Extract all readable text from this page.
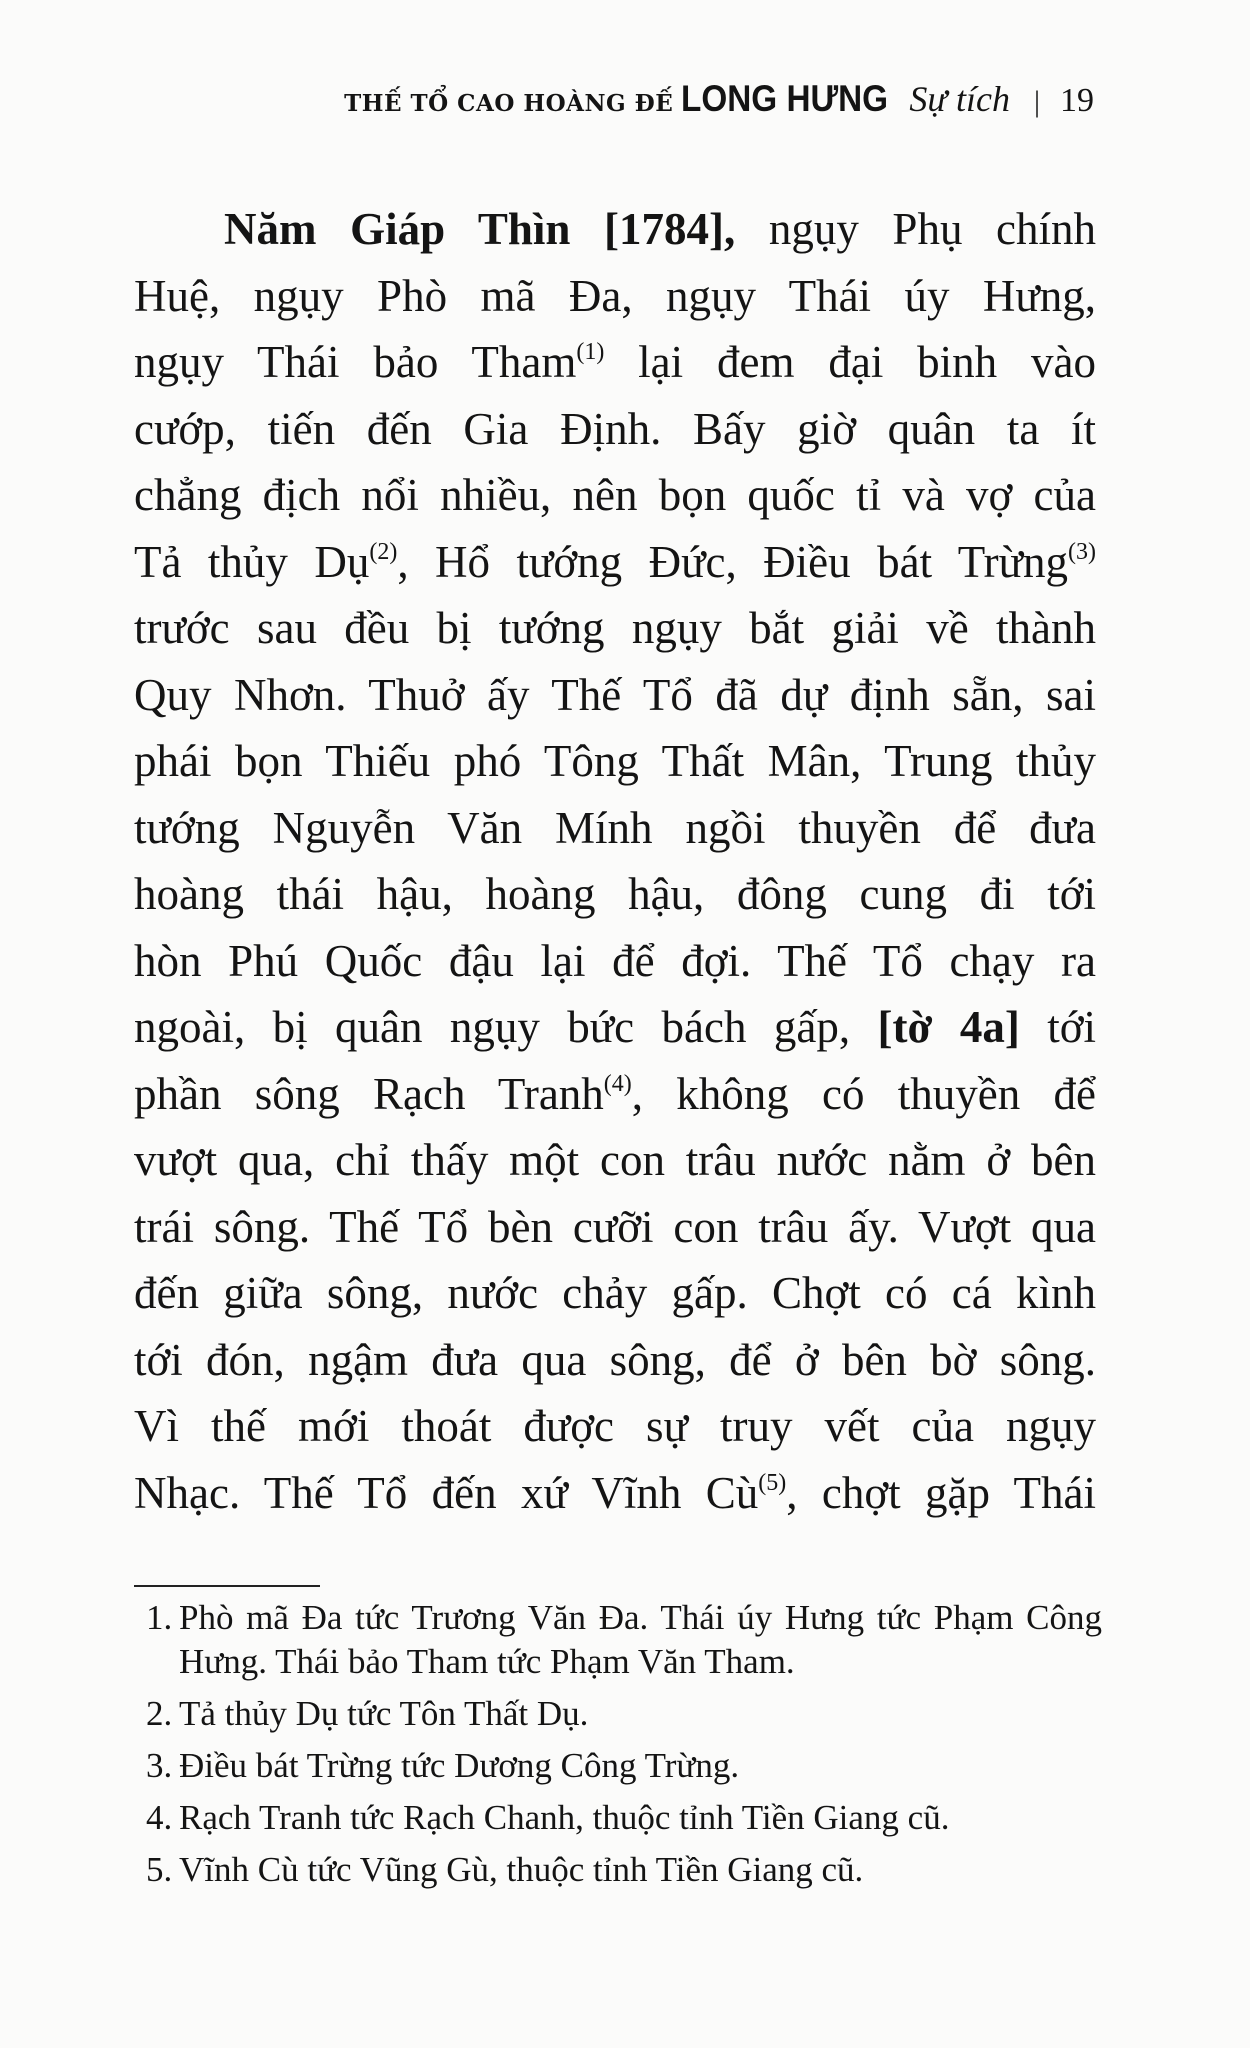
THẾ TỔ CAO HOÀNG ĐẾ LONG HƯNG Sự tích | 19
Năm Giáp Thìn [1784], ngụy Phụ chính
Huệ, ngụy Phò mã Đa, ngụy Thái úy Hưng,
ngụy Thái bảo Tham$^{(1)}$ lại đem đại binh vào
cướp, tiến đến Gia Định. Bấy giờ quân ta ít
chẳng địch nổi nhiều, nên bọn quốc tỉ và vợ của
Tả thủy Dụ$^{(2)}$, Hổ tướng Đức, Điều bát Trừng$^{(3)}$
trước sau đều bị tướng ngụy bắt giải về thành
Quy Nhơn. Thuở ấy Thế Tổ đã dự định sẵn, sai
phái bọn Thiếu phó Tông Thất Mân, Trung thủy
tướng Nguyễn Văn Mính ngồi thuyền để đưa
hoàng thái hậu, hoàng hậu, đông cung đi tới
hòn Phú Quốc đậu lại để đợi. Thế Tổ chạy ra
ngoài, bị quân ngụy bức bách gấp, [tờ 4a] tới
phần sông Rạch Tranh$^{(4)}$, không có thuyền để
vượt qua, chỉ thấy một con trâu nước nằm ở bên
trái sông. Thế Tổ bèn cưỡi con trâu ấy. Vượt qua
đến giữa sông, nước chảy gấp. Chợt có cá kình
tới đón, ngậm đưa qua sông, để ở bên bờ sông.
Vì thế mới thoát được sự truy vết của ngụy
Nhạc. Thế Tổ đến xứ Vĩnh $Cù^{(5)}$, chợt gặp Thái
1. Phò mã Đa tức Trương Văn Đa. Thái úy Hưng tức Phạm Công
Hưng. Thái bảo Tham tức Phạm Văn Tham.
2. Tả thủy Dụ tức Tôn Thất Dụ.
3. Điều bát Trừng tức Dương Công Trừng.
4. Rạch Tranh tức Rạch Chanh, thuộc tỉnh Tiền Giang cũ.
5. Vĩnh Cù tức Vũng Gù, thuộc tỉnh Tiền Giang cũ.
